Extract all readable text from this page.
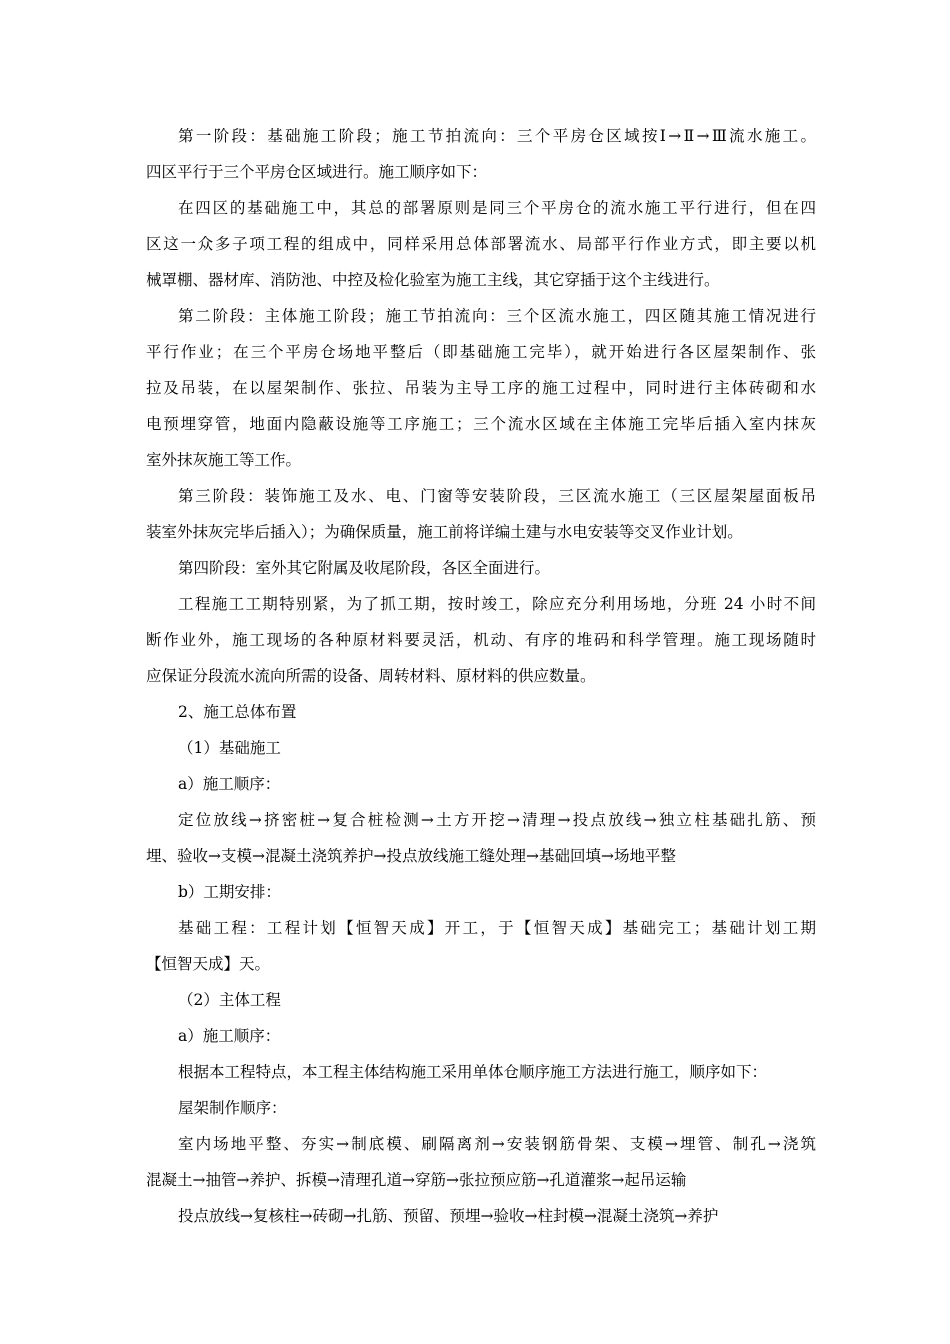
第一阶段：基础施工阶段；施工节拍流向：三个平房仓区域按Ⅰ→Ⅱ→Ⅲ流水施工。
四区平行于三个平房仓区域进行。施工顺序如下：
在四区的基础施工中，其总的部署原则是同三个平房仓的流水施工平行进行，但在四
区这一众多子项工程的组成中，同样采用总体部署流水、局部平行作业方式，即主要以机
械罩棚、器材库、消防池、中控及检化验室为施工主线，其它穿插于这个主线进行。
第二阶段：主体施工阶段；施工节拍流向：三个区流水施工，四区随其施工情况进行
平行作业；在三个平房仓场地平整后（即基础施工完毕），就开始进行各区屋架制作、张
拉及吊装，在以屋架制作、张拉、吊装为主导工序的施工过程中，同时进行主体砖砌和水
电预埋穿管，地面内隐蔽设施等工序施工；三个流水区域在主体施工完毕后插入室内抹灰
室外抹灰施工等工作。
第三阶段：装饰施工及水、电、门窗等安装阶段，三区流水施工（三区屋架屋面板吊
装室外抹灰完毕后插入）；为确保质量，施工前将详编土建与水电安装等交叉作业计划。
第四阶段：室外其它附属及收尾阶段，各区全面进行。
工程施工工期特别紧，为了抓工期，按时竣工，除应充分利用场地，分班 24 小时不间
断作业外，施工现场的各种原材料要灵活，机动、有序的堆码和科学管理。施工现场随时
应保证分段流水流向所需的设备、周转材料、原材料的供应数量。
2、施工总体布置
（1）基础施工
a）施工顺序：
定位放线→挤密桩→复合桩检测→土方开挖→清理→投点放线→独立柱基础扎筋、预
埋、验收→支模→混凝土浇筑养护→投点放线施工缝处理→基础回填→场地平整
b）工期安排：
基础工程：工程计划【恒智天成】开工，于【恒智天成】基础完工；基础计划工期
【恒智天成】天。
（2）主体工程
a）施工顺序：
根据本工程特点，本工程主体结构施工采用单体仓顺序施工方法进行施工，顺序如下：
屋架制作顺序：
室内场地平整、夯实→制底模、刷隔离剂→安装钢筋骨架、支模→埋管、制孔→浇筑
混凝土→抽管→养护、拆模→清理孔道→穿筋→张拉预应筋→孔道灌浆→起吊运输
投点放线→复核柱→砖砌→扎筋、预留、预埋→验收→柱封模→混凝土浇筑→养护
